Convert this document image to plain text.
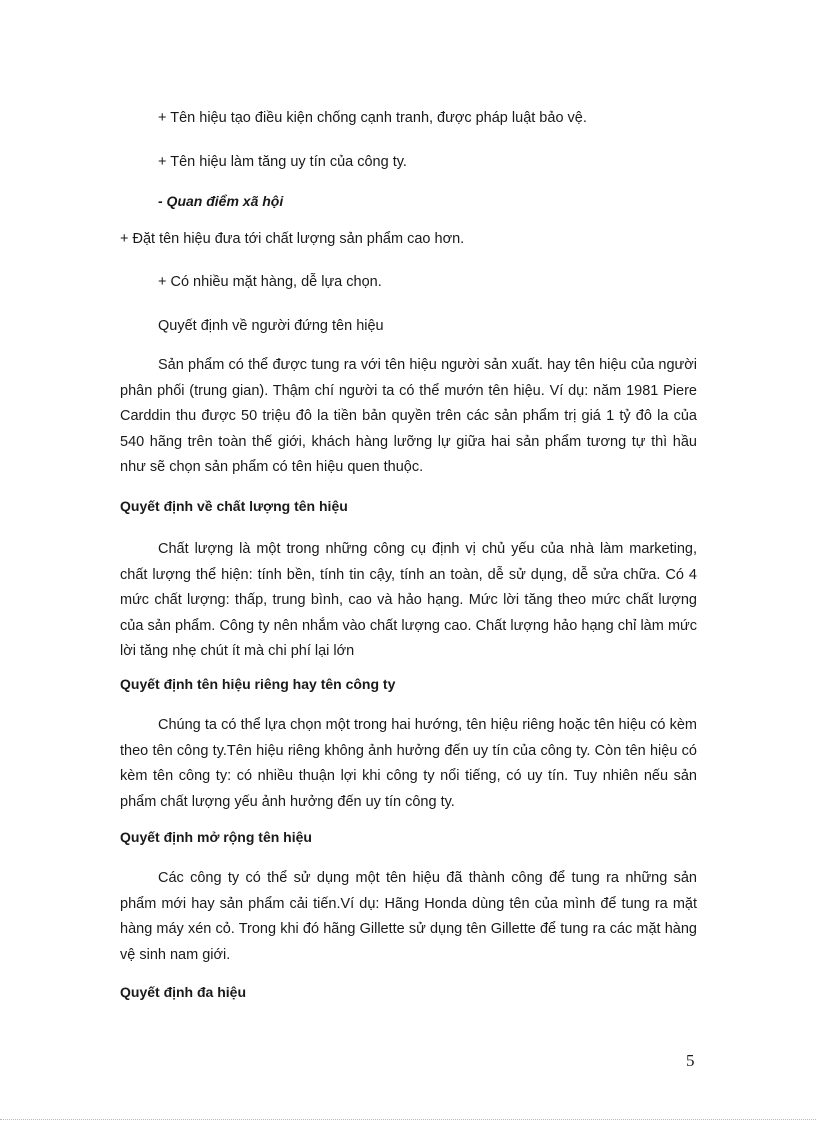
+ Tên hiệu tạo điều kiện chống cạnh tranh, được pháp luật bảo vệ.
+ Tên hiệu làm tăng uy tín của công ty.
- Quan điểm xã hội
+ Đặt tên hiệu đưa tới chất lượng sản phẩm cao hơn.
+ Có nhiều mặt hàng, dễ lựa chọn.
Quyết định về người đứng tên hiệu
Sản phẩm có thể được tung ra với tên hiệu người sản xuất. hay tên hiệu của người phân phối (trung gian). Thậm chí người ta có thể mướn tên hiệu. Ví dụ: năm 1981 Piere Carddin thu được 50 triệu đô la tiền bản quyền trên các sản phẩm trị giá 1 tỷ đô la của 540 hãng trên toàn thế giới, khách hàng lưỡng lự giữa hai sản phẩm tương tự thì hầu như sẽ chọn sản phẩm có tên hiệu quen thuộc.
Quyết định về chất lượng tên hiệu
Chất lượng là một trong những công cụ định vị chủ yếu của nhà làm marketing, chất lượng thể hiện: tính bền, tính tin cậy, tính an toàn, dễ sử dụng, dễ sửa chữa. Có 4 mức chất lượng: thấp, trung bình, cao và hảo hạng. Mức lời tăng theo mức chất lượng của sản phẩm. Công ty nên nhắm vào chất lượng cao. Chất lượng hảo hạng chỉ làm mức lời tăng nhẹ chút ít mà chi phí lại lớn
Quyết định tên hiệu riêng hay tên công ty
Chúng ta có thể lựa chọn một trong hai hướng, tên hiệu riêng hoặc tên hiệu có kèm theo tên công ty.Tên hiệu riêng không ảnh hưởng đến uy tín của công ty. Còn tên hiệu có kèm tên công ty: có nhiều thuận lợi khi công ty nổi tiếng, có uy tín. Tuy nhiên nếu sản phẩm chất lượng yếu ảnh hưởng đến uy tín công ty.
Quyết định mở rộng tên hiệu
Các công ty có thể sử dụng một tên hiệu đã thành công để tung ra những sản phẩm mới hay sản phẩm cải tiến.Ví dụ: Hãng Honda dùng tên của mình để tung ra mặt hàng máy xén cỏ. Trong khi đó hãng Gillette sử dụng tên Gillette để tung ra các mặt hàng vệ sinh nam giới.
Quyết định đa hiệu
5
